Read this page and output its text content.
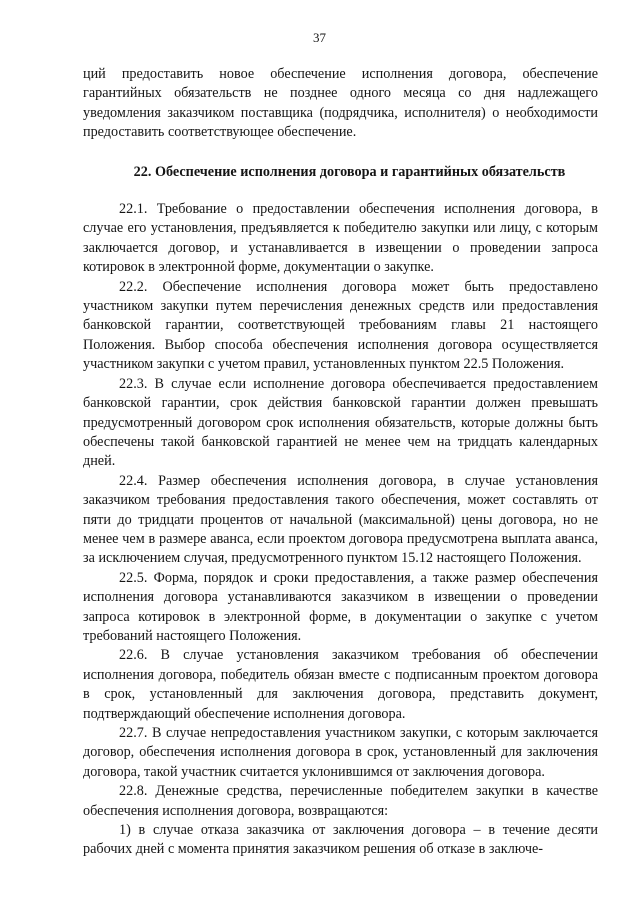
37

ций предоставить новое обеспечение исполнения договора, обеспечение гарантийных обязательств не позднее одного месяца со дня надлежащего уведомления заказчиком поставщика (подрядчика, исполнителя) о необходимости предоставить соответствующее обеспечение.

22. Обеспечение исполнения договора и гарантийных обязательств

22.1. Требование о предоставлении обеспечения исполнения договора, в случае его установления, предъявляется к победителю закупки или лицу, с которым заключается договор, и устанавливается в извещении о проведении запроса котировок в электронной форме, документации о закупке.

22.2. Обеспечение исполнения договора может быть предоставлено участником закупки путем перечисления денежных средств или предоставления банковской гарантии, соответствующей требованиям главы 21 настоящего Положения. Выбор способа обеспечения исполнения договора осуществляется участником закупки с учетом правил, установленных пунктом 22.5 Положения.

22.3. В случае если исполнение договора обеспечивается предоставлением банковской гарантии, срок действия банковской гарантии должен превышать предусмотренный договором срок исполнения обязательств, которые должны быть обеспечены такой банковской гарантией не менее чем на тридцать календарных дней.

22.4. Размер обеспечения исполнения договора, в случае установления заказчиком требования предоставления такого обеспечения, может составлять от пяти до тридцати процентов от начальной (максимальной) цены договора, но не менее чем в размере аванса, если проектом договора предусмотрена выплата аванса, за исключением случая, предусмотренного пунктом 15.12 настоящего Положения.

22.5. Форма, порядок и сроки предоставления, а также размер обеспечения исполнения договора устанавливаются заказчиком в извещении о проведении запроса котировок в электронной форме, в документации о закупке с учетом требований настоящего Положения.

22.6. В случае установления заказчиком требования об обеспечении исполнения договора, победитель обязан вместе с подписанным проектом договора в срок, установленный для заключения договора, представить документ, подтверждающий обеспечение исполнения договора.

22.7. В случае непредоставления участником закупки, с которым заключается договор, обеспечения исполнения договора в срок, установленный для заключения договора, такой участник считается уклонившимся от заключения договора.

22.8. Денежные средства, перечисленные победителем закупки в качестве обеспечения исполнения договора, возвращаются:

1) в случае отказа заказчика от заключения договора – в течение десяти рабочих дней с момента принятия заказчиком решения об отказе в заключе-
